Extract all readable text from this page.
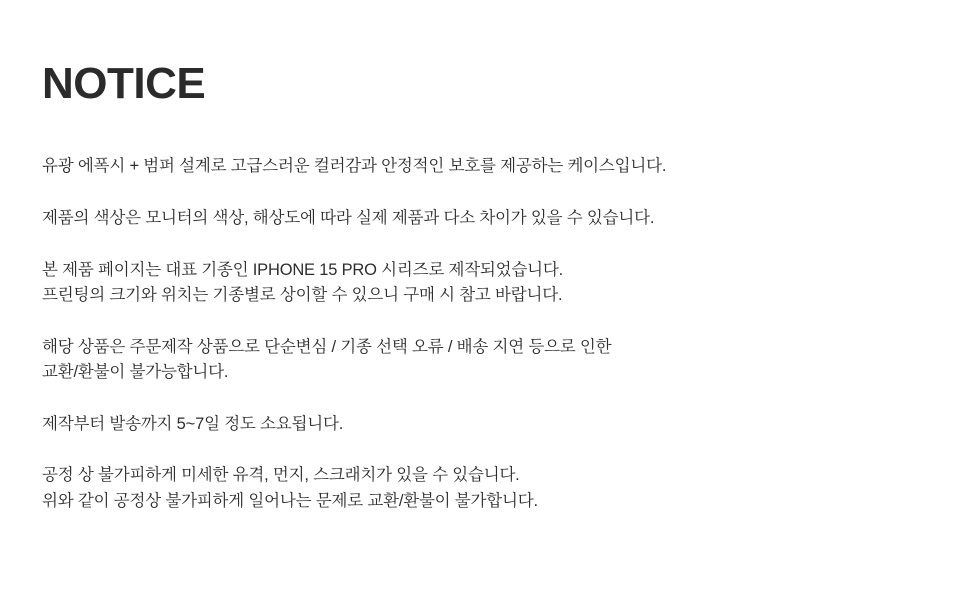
NOTICE
유광 에폭시 + 범퍼 설계로 고급스러운 컬러감과 안정적인 보호를 제공하는 케이스입니다.
제품의 색상은 모니터의 색상, 해상도에 따라 실제 제품과 다소 차이가 있을 수 있습니다.
본 제품 페이지는 대표 기종인 IPHONE 15 PRO 시리즈로 제작되었습니다.
프린팅의 크기와 위치는 기종별로 상이할 수 있으니 구매 시 참고 바랍니다.
해당 상품은 주문제작 상품으로 단순변심 / 기종 선택 오류 / 배송 지연 등으로 인한
교환/환불이 불가능합니다.
제작부터 발송까지 5~7일 정도 소요됩니다.
공정 상 불가피하게 미세한 유격, 먼지, 스크래치가 있을 수 있습니다.
위와 같이 공정상 불가피하게 일어나는 문제로 교환/환불이 불가합니다.
